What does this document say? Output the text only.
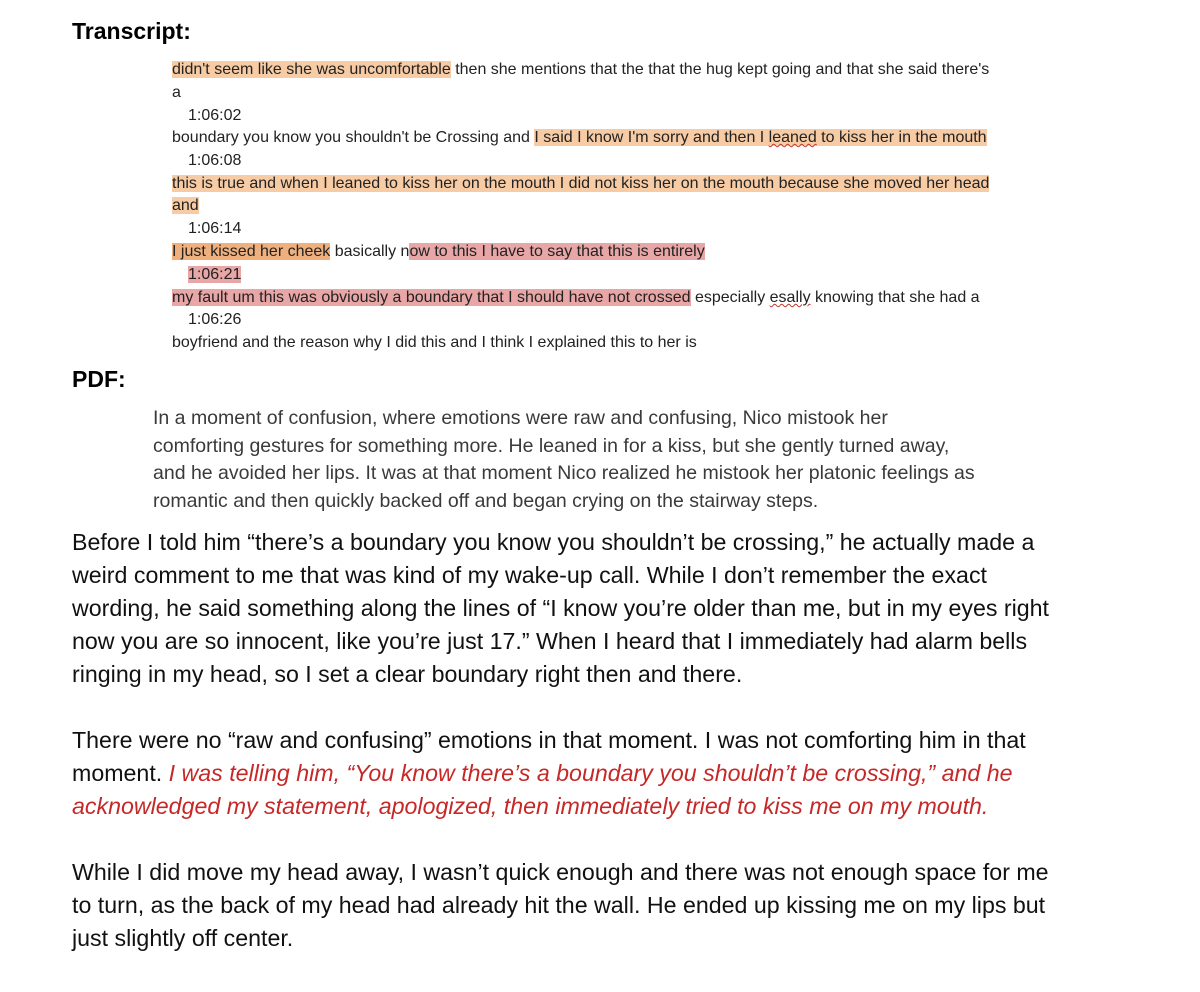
Transcript:
PDF:
didn't seem like she was uncomfortable then she mentions that the that the hug kept going and that she said there's
a
1:06:02
boundary you know you shouldn't be Crossing and I said I know I'm sorry and then I leaned to kiss her in the mouth
1:06:08
this is true and when I leaned to kiss her on the mouth I did not kiss her on the mouth because she moved her head
and
1:06:14
I just kissed her cheek basically now to this I have to say that this is entirely
1:06:21
my fault um this was obviously a boundary that I should have not crossed especially esally knowing that she had a
1:06:26
boyfriend and the reason why I did this and I think I explained this to her is
In a moment of confusion, where emotions were raw and confusing, Nico mistook her
comforting gestures for something more. He leaned in for a kiss, but she gently turned away,
and he avoided her lips. It was at that moment Nico realized he mistook her platonic feelings as
romantic and then quickly backed off and began crying on the stairway steps.
Before I told him “there’s a boundary you know you shouldn’t be crossing,” he actually made a
weird comment to me that was kind of my wake-up call. While I don’t remember the exact
wording, he said something along the lines of “I know you’re older than me, but in my eyes right
now you are so innocent, like you’re just 17.” When I heard that I immediately had alarm bells
ringing in my head, so I set a clear boundary right then and there.
There were no “raw and confusing” emotions in that moment. I was not comforting him in that
moment. I was telling him, “You know there’s a boundary you shouldn’t be crossing,” and he
acknowledged my statement, apologized, then immediately tried to kiss me on my mouth.
While I did move my head away, I wasn’t quick enough and there was not enough space for me
to turn, as the back of my head had already hit the wall. He ended up kissing me on my lips but
just slightly off center.
